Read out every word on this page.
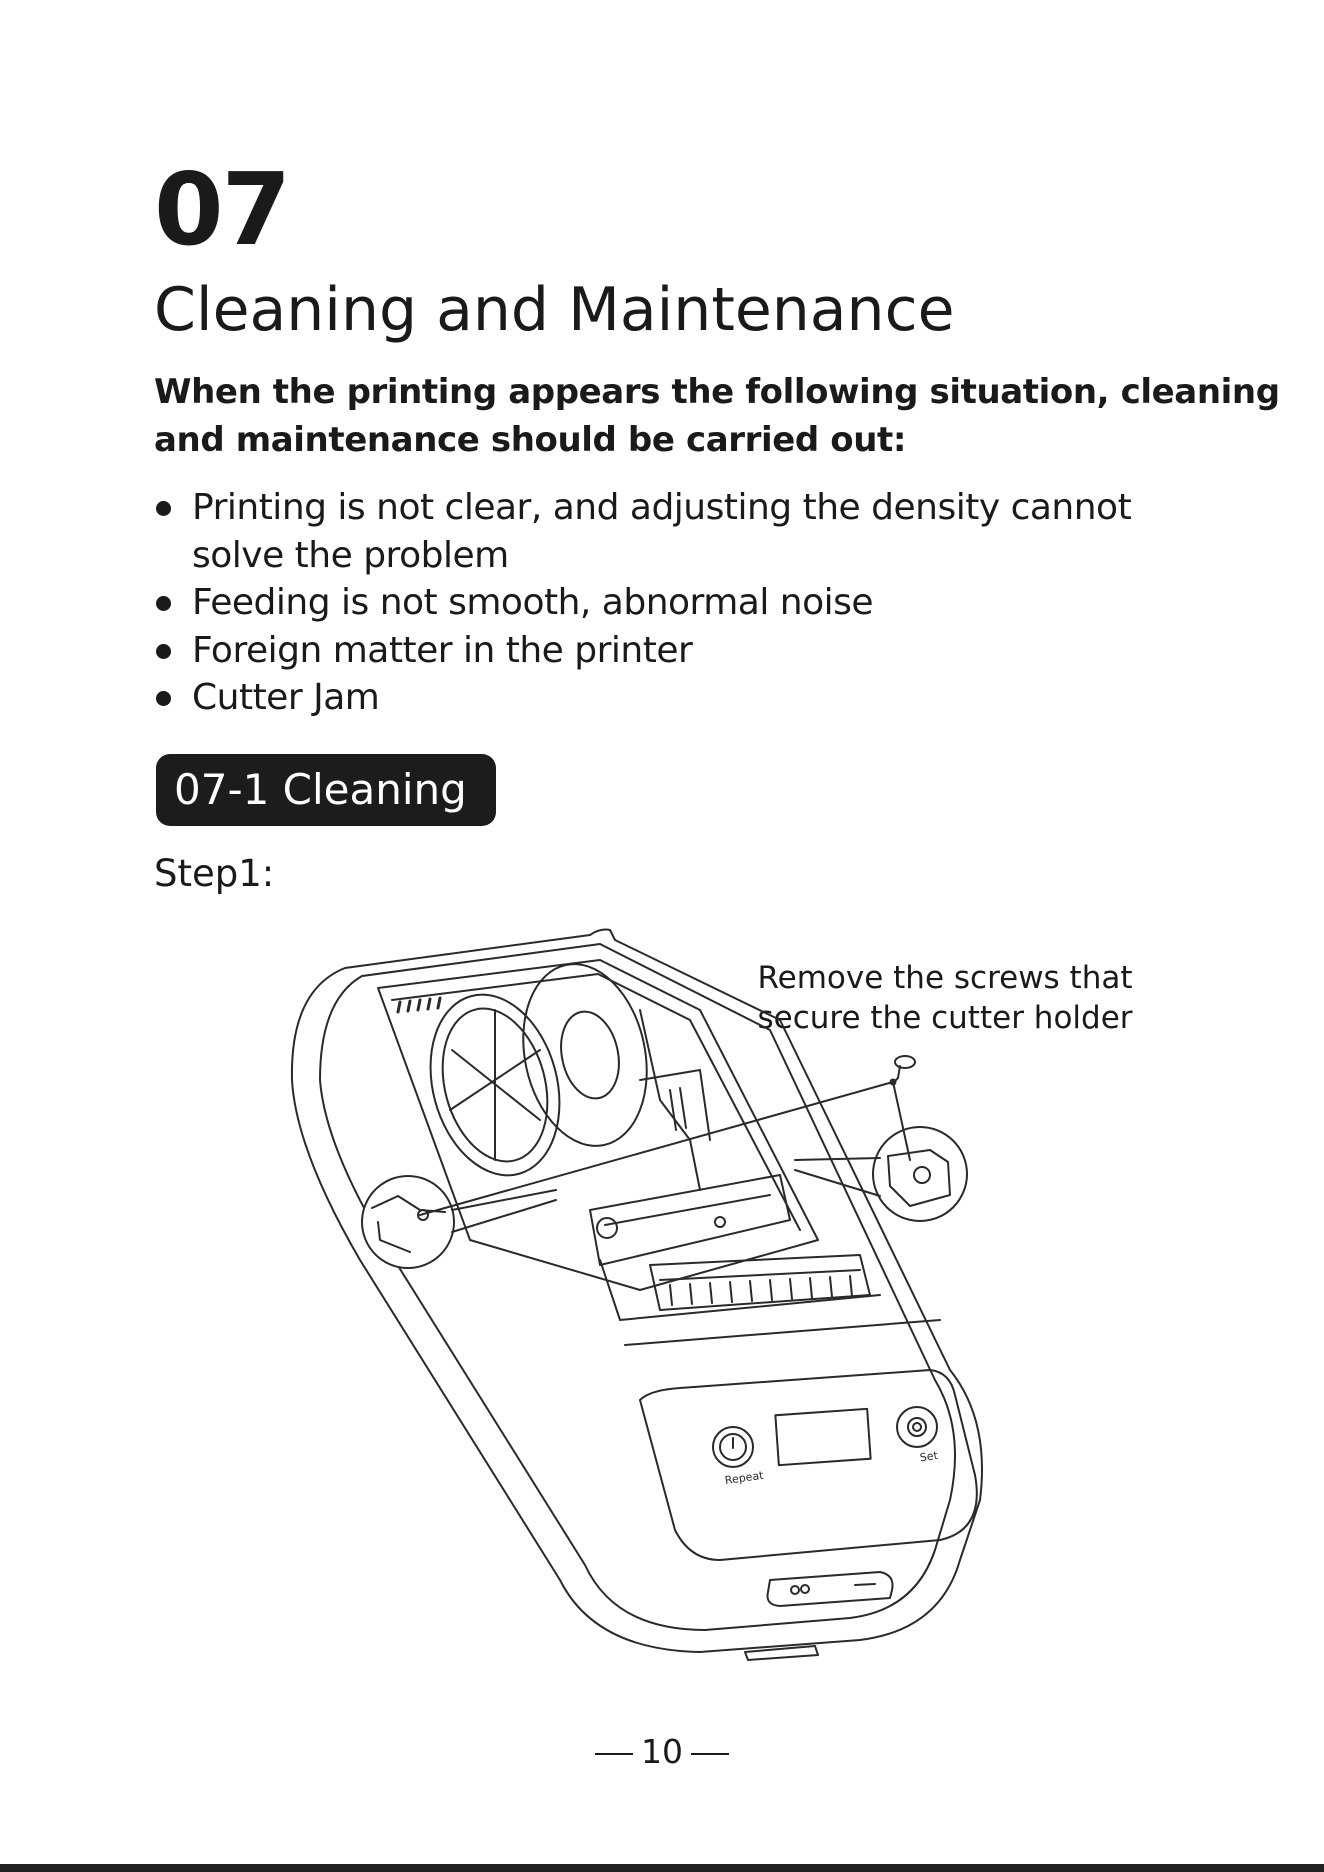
07
Cleaning and Maintenance
When the printing appears the following situation, cleaning
and maintenance should be carried out:
Printing is not clear, and adjusting the density cannot
solve the problem
Feeding is not smooth, abnormal noise
Foreign matter in the printer
Cutter Jam
07-1 Cleaning
Step1:
Remove the screws that
secure the cutter holder
Repeat
Set
10
